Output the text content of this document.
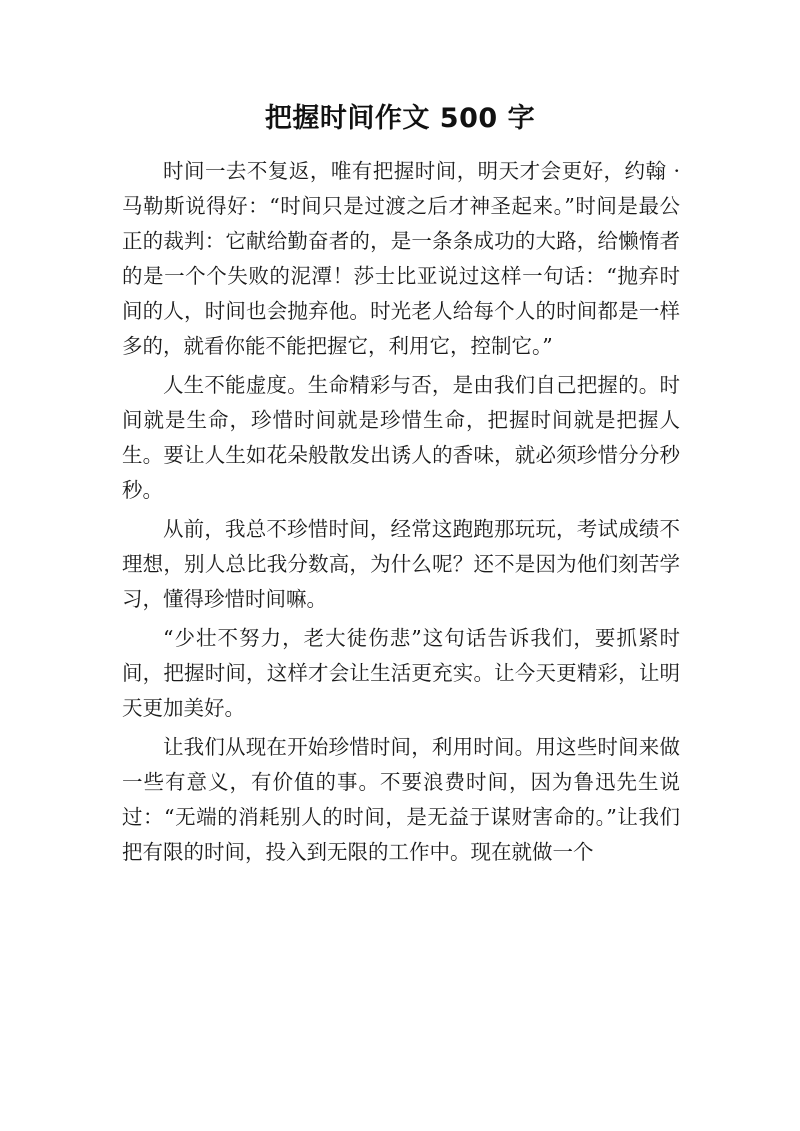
把握时间作文 500 字

时间一去不复返，唯有把握时间，明天才会更好，约翰 · 马勒斯说得好：“时间只是过渡之后才神圣起来。”时间是最公正的裁判：它献给勤奋者的，是一条条成功的大路，给懒惰者的是一个个失败的泥潭！莎士比亚说过这样一句话：“抛弃时间的人，时间也会抛弃他。时光老人给每个人的时间都是一样多的，就看你能不能把握它，利用它，控制它。”

人生不能虚度。生命精彩与否，是由我们自己把握的。时间就是生命，珍惜时间就是珍惜生命，把握时间就是把握人生。要让人生如花朵般散发出诱人的香味，就必须珍惜分分秒秒。

从前，我总不珍惜时间，经常这跑跑那玩玩，考试成绩不理想，别人总比我分数高，为什么呢？还不是因为他们刻苦学习，懂得珍惜时间嘛。

“少壮不努力，老大徒伤悲”这句话告诉我们，要抓紧时间，把握时间，这样才会让生活更充实。让今天更精彩，让明天更加美好。

让我们从现在开始珍惜时间，利用时间。用这些时间来做一些有意义，有价值的事。不要浪费时间，因为鲁迅先生说过：“无端的消耗别人的时间，是无益于谋财害命的。”让我们把有限的时间，投入到无限的工作中。现在就做一个
